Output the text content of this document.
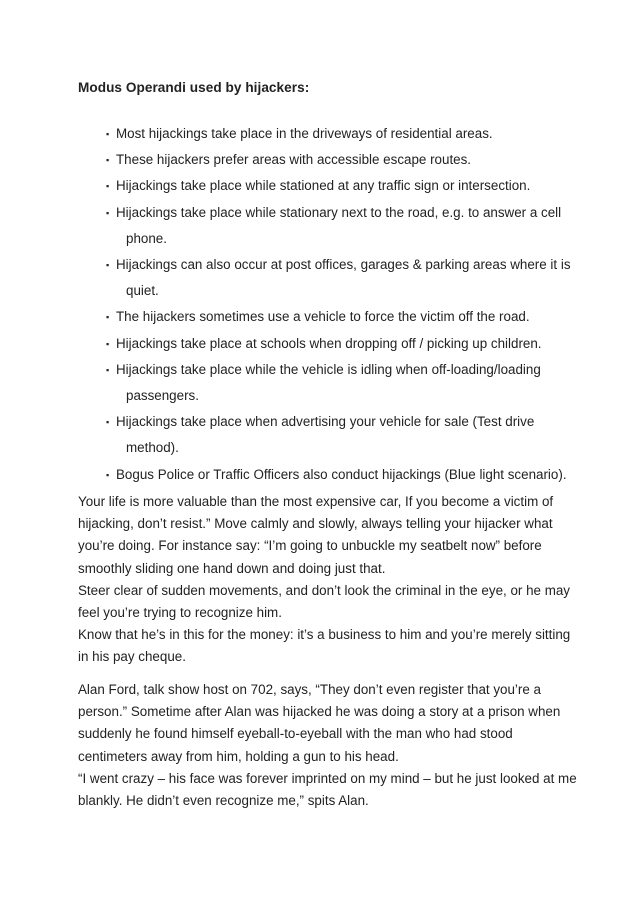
Modus Operandi used by hijackers:
▪ Most hijackings take place in the driveways of residential areas.
▪ These hijackers prefer areas with accessible escape routes.
▪ Hijackings take place while stationed at any traffic sign or intersection.
▪ Hijackings take place while stationary next to the road, e.g. to answer a cell
phone.
▪ Hijackings can also occur at post offices, garages & parking areas where it is
quiet.
▪ The hijackers sometimes use a vehicle to force the victim off the road.
▪ Hijackings take place at schools when dropping off / picking up children.
▪ Hijackings take place while the vehicle is idling when off-loading/loading
passengers.
▪ Hijackings take place when advertising your vehicle for sale (Test drive
method).
▪ Bogus Police or Traffic Officers also conduct hijackings (Blue light scenario).
Your life is more valuable than the most expensive car, If you become a victim of
hijacking, don’t resist.” Move calmly and slowly, always telling your hijacker what
you’re doing. For instance say: “I’m going to unbuckle my seatbelt now” before
smoothly sliding one hand down and doing just that.
Steer clear of sudden movements, and don’t look the criminal in the eye, or he may
feel you’re trying to recognize him.
Know that he’s in this for the money: it’s a business to him and you’re merely sitting
in his pay cheque.
Alan Ford, talk show host on 702, says, “They don’t even register that you’re a
person.” Sometime after Alan was hijacked he was doing a story at a prison when
suddenly he found himself eyeball-to-eyeball with the man who had stood
centimeters away from him, holding a gun to his head.
“I went crazy – his face was forever imprinted on my mind – but he just looked at me
blankly. He didn’t even recognize me,” spits Alan.
